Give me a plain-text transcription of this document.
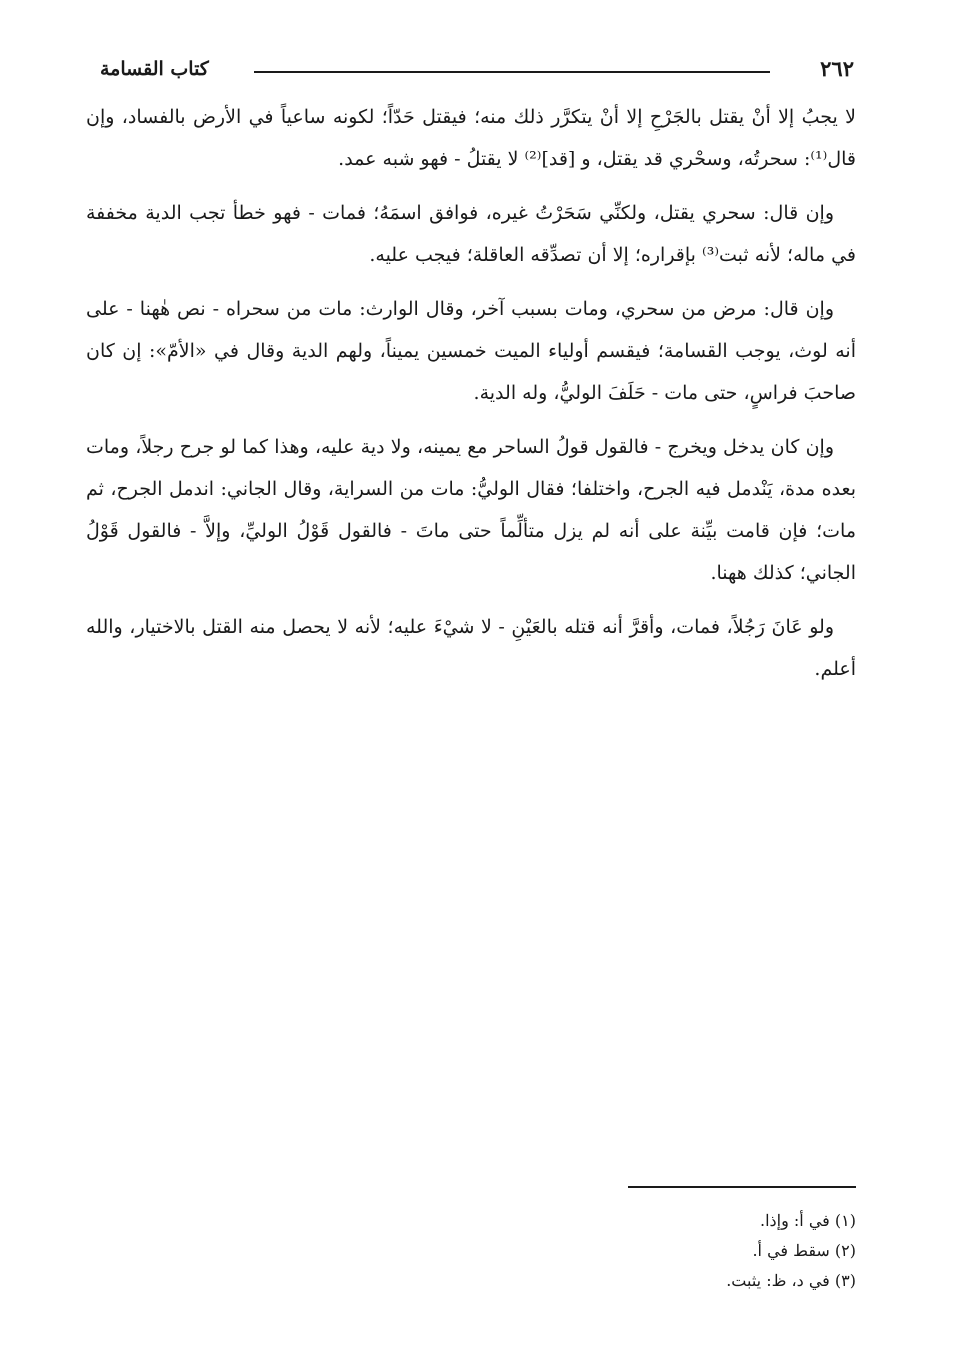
٢٦٢
كتاب القسامة

لا يجبُ إلا أنْ يقتل بالجَرْحِ إلا أنْ يتكرَّر ذلك منه؛ فيقتل حَدّاً؛ لكونه ساعياً في الأرض بالفساد، وإن قال⁽¹⁾: سحرتُه، وسحْري قد يقتل، و [قد]⁽²⁾ لا يقتلُ - فهو شبه عمد.

وإن قال: سحري يقتل، ولكنِّي سَحَرْتُ غيره، فوافق اسمَهُ؛ فمات - فهو خطأ تجب الدية مخففة في ماله؛ لأنه ثبت⁽³⁾ بإقراره؛ إلا أن تصدِّقه العاقلة؛ فيجب عليه.

وإن قال: مرض من سحري، ومات بسبب آخر، وقال الوارث: مات من سحراه - نص هٰهنا - على أنه لوث، يوجب القسامة؛ فيقسم أولياء الميت خمسين يميناً، ولهم الدية وقال في «الأمّ»: إن كان صاحبَ فراسٍ، حتى مات - حَلَفَ الوليُّ، وله الدية.

وإن كان يدخل ويخرج - فالقول قولُ الساحر مع يمينه، ولا دية عليه، وهذا كما لو جرح رجلاً، ومات بعده مدة، يَنْدمل فيه الجرح، واختلفا؛ فقال الوليُّ: مات من السراية، وقال الجاني: اندمل الجرح، ثم مات؛ فإن قامت بيِّنة على أنه لم يزل متألِّماً حتى ماتَ - فالقول قَوْلُ الوليِّ، وإلاَّ - فالقول قَوْلُ الجاني؛ كذلك ههنا.

ولو عَانَ رَجُلاً، فمات، وأقرَّ أنه قتله بالعَيْنِ - لا شيْءَ عليه؛ لأنه لا يحصل منه القتل بالاختيار، والله أعلم.

(١) في أ: وإذا.
(٢) سقط في أ.
(٣) في د، ظ: يثبت.
